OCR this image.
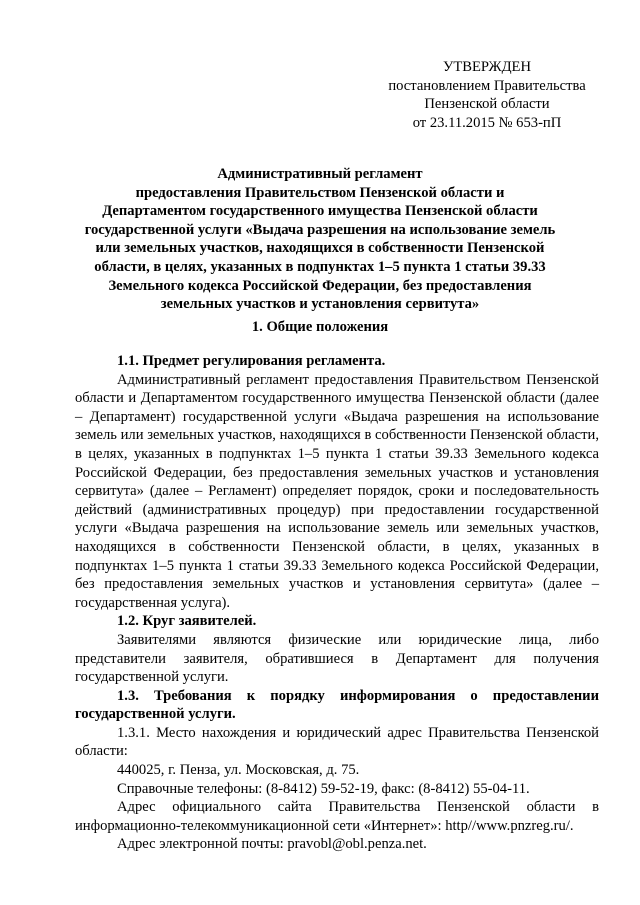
УТВЕРЖДЕН
постановлением Правительства
Пензенской области
от 23.11.2015 № 653-пП
Административный регламент
предоставления Правительством Пензенской области и
Департаментом государственного имущества Пензенской области
государственной услуги «Выдача разрешения на использование земель
или земельных участков, находящихся в собственности Пензенской
области, в целях, указанных в подпунктах 1–5 пункта 1 статьи 39.33
Земельного кодекса Российской Федерации, без предоставления
земельных участков и установления сервитута»
1. Общие положения

1.1. Предмет регулирования регламента.

Административный регламент предоставления Правительством Пензенской области и Департаментом государственного имущества Пензенской области (далее – Департамент) государственной услуги «Выдача разрешения на использование земель или земельных участков, находящихся в собственности Пензенской области, в целях, указанных в подпунктах 1–5 пункта 1 статьи 39.33 Земельного кодекса Российской Федерации, без предоставления земельных участков и установления сервитута» (далее – Регламент) определяет порядок, сроки и последовательность действий (административных процедур) при предоставлении государственной услуги «Выдача разрешения на использование земель или земельных участков, находящихся в собственности Пензенской области, в целях, указанных в подпунктах 1–5 пункта 1 статьи 39.33 Земельного кодекса Российской Федерации, без предоставления земельных участков и установления сервитута» (далее – государственная услуга).

1.2. Круг заявителей.

Заявителями являются физические или юридические лица, либо представители заявителя, обратившиеся в Департамент для получения государственной услуги.

1.3. Требования к порядку информирования о предоставлении государственной услуги.

1.3.1. Место нахождения и юридический адрес Правительства Пензенской области:

440025, г. Пенза, ул. Московская, д. 75.

Справочные телефоны: (8-8412) 59-52-19, факс: (8-8412) 55-04-11.

Адрес официального сайта Правительства Пензенской области в информационно-телекоммуникационной сети «Интернет»: http//www.pnzreg.ru/.

Адрес электронной почты: pravobl@obl.penza.net.
